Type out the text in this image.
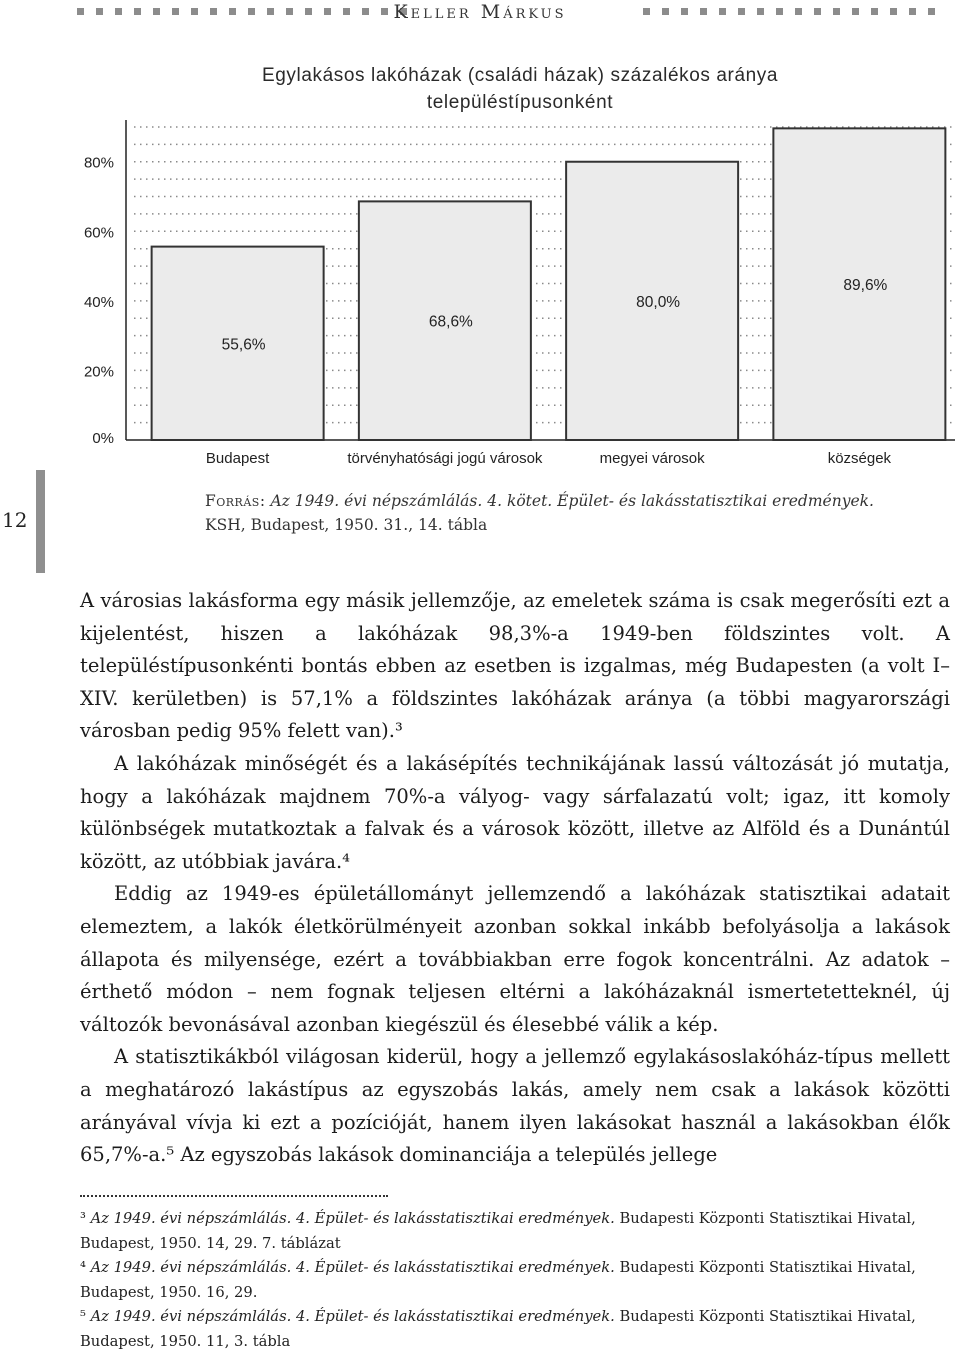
Keller Márkus
Egylakásos lakóházak (családi házak) százalékos aránya
településtípusonként
0%
20%
40%
60%
80%
55,6%
Budapest
68,6%
törvényhatósági jogú városok
80,0%
megyei városok
89,6%
községek
12
Forrás: Az 1949. évi népszámlálás. 4. kötet. Épület- és lakásstatisztikai eredmények.
KSH, Budapest, 1950. 31., 14. tábla

A városias lakásforma egy másik jellemzője, az emeletek száma is csak megerősíti ezt a kijelentést, hiszen a lakóházak 98,3%-a 1949-ben földszintes volt. A településtípusonkénti bontás ebben az esetben is izgalmas, még Budapesten (a volt I–XIV. kerületben) is 57,1% a földszintes lakóházak aránya (a többi magyarországi városban pedig 95% felett van).³

A lakóházak minőségét és a lakásépítés technikájának lassú változását jó mutatja, hogy a lakóházak majdnem 70%-a vályog- vagy sárfalazatú volt; igaz, itt komoly különbségek mutatkoztak a falvak és a városok között, illetve az Alföld és a Dunántúl között, az utóbbiak javára.⁴

Eddig az 1949-es épületállományt jellemzendő a lakóházak statisztikai adatait elemeztem, a lakók életkörülményeit azonban sokkal inkább befolyásolja a lakások állapota és milyensége, ezért a továbbiakban erre fogok koncentrálni. Az adatok – érthető módon – nem fognak teljesen eltérni a lakóházaknál ismertetetteknél, új változók bevonásával azonban kiegészül és élesebbé válik a kép.

A statisztikákból világosan kiderül, hogy a jellemző egylakásoslakóház-típus mellett a meghatározó lakástípus az egyszobás lakás, amely nem csak a lakások közötti arányával vívja ki ezt a pozícióját, hanem ilyen lakásokat használ a lakásokban élők 65,7%-a.⁵ Az egyszobás lakások dominanciája a település jellege

³ Az 1949. évi népszámlálás. 4. Épület- és lakásstatisztikai eredmények. Budapesti Központi Statisztikai Hivatal, Budapest, 1950. 14, 29. 7. táblázat

⁴ Az 1949. évi népszámlálás. 4. Épület- és lakásstatisztikai eredmények. Budapesti Központi Statisztikai Hivatal, Budapest, 1950. 16, 29.

⁵ Az 1949. évi népszámlálás. 4. Épület- és lakásstatisztikai eredmények. Budapesti Központi Statisztikai Hivatal, Budapest, 1950. 11, 3. tábla
